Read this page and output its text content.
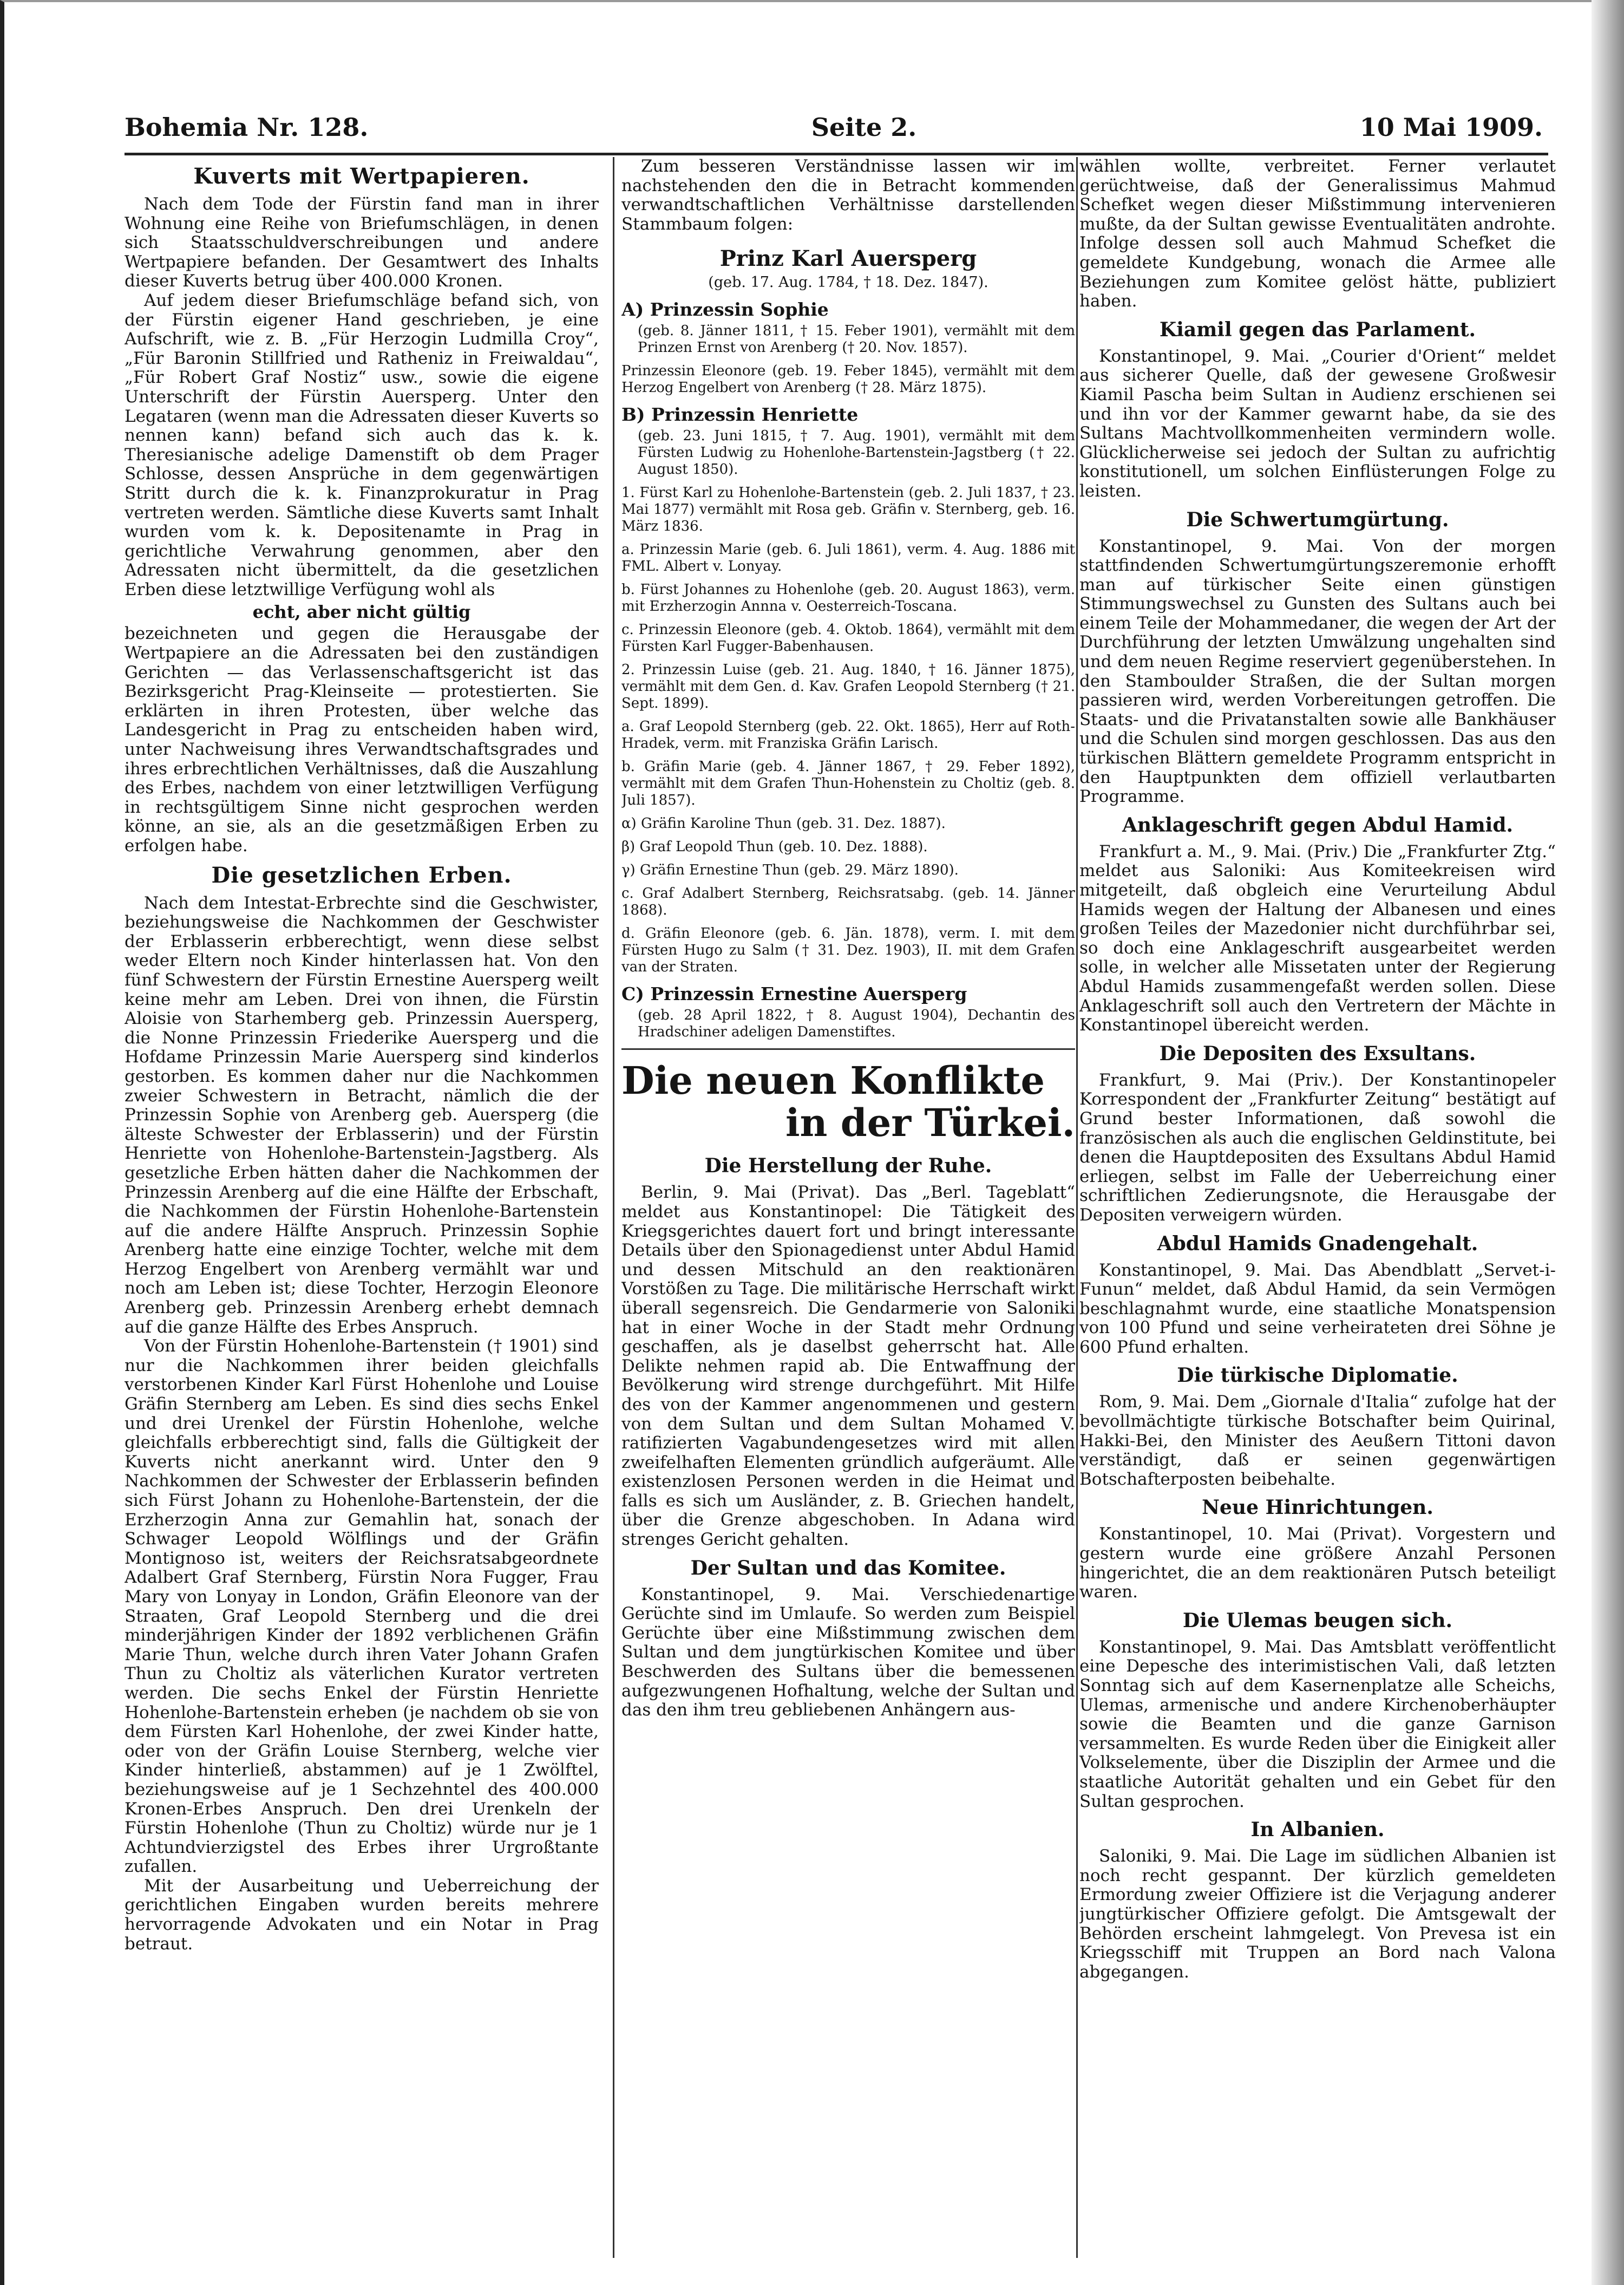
Bohemia Nr. 128.	Seite 2.	10 Mai 1909.
Kuverts mit Wertpapieren.

Nach dem Tode der Fürstin fand man in ihrer Wohnung eine Reihe von Briefumschlägen, in denen sich Staatsschuldverschreibungen und andere Wertpapiere befanden. Der Gesamtwert des Inhalts dieser Kuverts betrug über 400.000 Kronen.

Auf jedem dieser Briefumschläge befand sich, von der Fürstin eigener Hand geschrieben, je eine Aufschrift, wie z. B. „Für Herzogin Ludmilla Croy“, „Für Baronin Stillfried und Ratheniz in Freiwaldau“, „Für Robert Graf Nostiz“ usw., sowie die eigene Unterschrift der Fürstin Auersperg. Unter den Legataren (wenn man die Adressaten dieser Kuverts so nennen kann) befand sich auch das k. k. Theresianische adelige Damenstift ob dem Prager Schlosse, dessen Ansprüche in dem gegenwärtigen Stritt durch die k. k. Finanzprokuratur in Prag vertreten werden. Sämtliche diese Kuverts samt Inhalt wurden vom k. k. Depositenamte in Prag in gerichtliche Verwahrung genommen, aber den Adressaten nicht übermittelt, da die gesetzlichen Erben diese letztwillige Verfügung wohl als

echt, aber nicht gültig

bezeichneten und gegen die Herausgabe der Wertpapiere an die Adressaten bei den zuständigen Gerichten — das Verlassenschaftsgericht ist das Bezirksgericht Prag-Kleinseite — protestierten. Sie erklärten in ihren Protesten, über welche das Landesgericht in Prag zu entscheiden haben wird, unter Nachweisung ihres Verwandtschaftsgrades und ihres erbrechtlichen Verhältnisses, daß die Auszahlung des Erbes, nachdem von einer letztwilligen Verfügung in rechtsgültigem Sinne nicht gesprochen werden könne, an sie, als an die gesetzmäßigen Erben zu erfolgen habe.

Die gesetzlichen Erben.

Nach dem Intestat-Erbrechte sind die Geschwister, beziehungsweise die Nachkommen der Geschwister der Erblasserin erbberechtigt, wenn diese selbst weder Eltern noch Kinder hinterlassen hat. Von den fünf Schwestern der Fürstin Ernestine Auersperg weilt keine mehr am Leben. Drei von ihnen, die Fürstin Aloisie von Starhemberg geb. Prinzessin Auersperg, die Nonne Prinzessin Friederike Auersperg und die Hofdame Prinzessin Marie Auersperg sind kinderlos gestorben. Es kommen daher nur die Nachkommen zweier Schwestern in Betracht, nämlich die der Prinzessin Sophie von Arenberg geb. Auersperg (die älteste Schwester der Erblasserin) und der Fürstin Henriette von Hohenlohe-Bartenstein-Jagstberg. Als gesetzliche Erben hätten daher die Nachkommen der Prinzessin Arenberg auf die eine Hälfte der Erbschaft, die Nachkommen der Fürstin Hohenlohe-Bartenstein auf die andere Hälfte Anspruch. Prinzessin Sophie Arenberg hatte eine einzige Tochter, welche mit dem Herzog Engelbert von Arenberg vermählt war und noch am Leben ist; diese Tochter, Herzogin Eleonore Arenberg geb. Prinzessin Arenberg erhebt demnach auf die ganze Hälfte des Erbes Anspruch.

Von der Fürstin Hohenlohe-Bartenstein († 1901) sind nur die Nachkommen ihrer beiden gleichfalls verstorbenen Kinder Karl Fürst Hohenlohe und Louise Gräfin Sternberg am Leben. Es sind dies sechs Enkel und drei Urenkel der Fürstin Hohenlohe, welche gleichfalls erbberechtigt sind, falls die Gültigkeit der Kuverts nicht anerkannt wird. Unter den 9 Nachkommen der Schwester der Erblasserin befinden sich Fürst Johann zu Hohenlohe-Bartenstein, der die Erzherzogin Anna zur Gemahlin hat, sonach der Schwager Leopold Wölflings und der Gräfin Montignoso ist, weiters der Reichsratsabgeordnete Adalbert Graf Sternberg, Fürstin Nora Fugger, Frau Mary von Lonyay in London, Gräfin Eleonore van der Straaten, Graf Leopold Sternberg und die drei minderjährigen Kinder der 1892 verblichenen Gräfin Marie Thun, welche durch ihren Vater Johann Grafen Thun zu Choltiz als väterlichen Kurator vertreten werden. Die sechs Enkel der Fürstin Henriette Hohenlohe-Bartenstein erheben (je nachdem ob sie von dem Fürsten Karl Hohenlohe, der zwei Kinder hatte, oder von der Gräfin Louise Sternberg, welche vier Kinder hinterließ, abstammen) auf je 1 Zwölftel, beziehungsweise auf je 1 Sechzehntel des 400.000 Kronen-Erbes Anspruch. Den drei Urenkeln der Fürstin Hohenlohe (Thun zu Choltiz) würde nur je 1 Achtundvierzigstel des Erbes ihrer Urgroßtante zufallen.

Mit der Ausarbeitung und Ueberreichung der gerichtlichen Eingaben wurden bereits mehrere hervorragende Advokaten und ein Notar in Prag betraut.

Zum besseren Verständnisse lassen wir im nachstehenden den die in Betracht kommenden verwandtschaftlichen Verhältnisse darstellenden Stammbaum folgen:

Prinz Karl Auersperg
(geb. 17. Aug. 1784, † 18. Dez. 1847).
A) Prinzessin Sophie

(geb. 8. Jänner 1811, † 15. Feber 1901), vermählt mit dem Prinzen Ernst von Arenberg († 20. Nov. 1857).

Prinzessin Eleonore (geb. 19. Feber 1845), vermählt mit dem Herzog Engelbert von Arenberg († 28. März 1875).

B) Prinzessin Henriette

(geb. 23. Juni 1815, † 7. Aug. 1901), vermählt mit dem Fürsten Ludwig zu Hohenlohe-Bartenstein-Jagstberg († 22. August 1850).

1. Fürst Karl zu Hohenlohe-Bartenstein (geb. 2. Juli 1837, † 23. Mai 1877) vermählt mit Rosa geb. Gräfin v. Sternberg, geb. 16. März 1836.

a. Prinzessin Marie (geb. 6. Juli 1861), verm. 4. Aug. 1886 mit FML. Albert v. Lonyay.

b. Fürst Johannes zu Hohenlohe (geb. 20. August 1863), verm. mit Erzherzogin Annna v. Oesterreich-Toscana.

c. Prinzessin Eleonore (geb. 4. Oktob. 1864), vermählt mit dem Fürsten Karl Fugger-Babenhausen.

2. Prinzessin Luise (geb. 21. Aug. 1840, † 16. Jänner 1875), vermählt mit dem Gen. d. Kav. Grafen Leopold Sternberg († 21. Sept. 1899).

a. Graf Leopold Sternberg (geb. 22. Okt. 1865), Herr auf Roth-Hradek, verm. mit Franziska Gräfin Larisch.

b. Gräfin Marie (geb. 4. Jänner 1867, † 29. Feber 1892), vermählt mit dem Grafen Thun-Hohenstein zu Choltiz (geb. 8. Juli 1857).

α) Gräfin Karoline Thun (geb. 31. Dez. 1887).

β) Graf Leopold Thun (geb. 10. Dez. 1888).

γ) Gräfin Ernestine Thun (geb. 29. März 1890).

c. Graf Adalbert Sternberg, Reichsratsabg. (geb. 14. Jänner 1868).

d. Gräfin Eleonore (geb. 6. Jän. 1878), verm. I. mit dem Fürsten Hugo zu Salm († 31. Dez. 1903), II. mit dem Grafen van der Straten.

C) Prinzessin Ernestine Auersperg

(geb. 28 April 1822, † 8. August 1904), Dechantin des Hradschiner adeligen Damenstiftes.

Die neuen Konflikte
in der Türkei.
Die Herstellung der Ruhe.

Berlin, 9. Mai (Privat). Das „Berl. Tageblatt“ meldet aus Konstantinopel: Die Tätigkeit des Kriegsgerichtes dauert fort und bringt interessante Details über den Spionagedienst unter Abdul Hamid und dessen Mitschuld an den reaktionären Vorstößen zu Tage. Die militärische Herrschaft wirkt überall segensreich. Die Gendarmerie von Saloniki hat in einer Woche in der Stadt mehr Ordnung geschaffen, als je daselbst geherrscht hat. Alle Delikte nehmen rapid ab. Die Entwaffnung der Bevölkerung wird strenge durchgeführt. Mit Hilfe des von der Kammer angenommenen und gestern von dem Sultan und dem Sultan Mohamed V. ratifizierten Vagabundengesetzes wird mit allen zweifelhaften Elementen gründlich aufgeräumt. Alle existenzlosen Personen werden in die Heimat und falls es sich um Ausländer, z. B. Griechen handelt, über die Grenze abgeschoben. In Adana wird strenges Gericht gehalten.

Der Sultan und das Komitee.

Konstantinopel, 9. Mai. Verschiedenartige Gerüchte sind im Umlaufe. So werden zum Beispiel Gerüchte über eine Mißstimmung zwischen dem Sultan und dem jungtürkischen Komitee und über Beschwerden des Sultans über die bemessenen aufgezwungenen Hofhaltung, welche der Sultan und das den ihm treu gebliebenen Anhängern aus-

wählen wollte, verbreitet. Ferner verlautet gerüchtweise, daß der Generalissimus Mahmud Schefket wegen dieser Mißstimmung intervenieren mußte, da der Sultan gewisse Eventualitäten androhte. Infolge dessen soll auch Mahmud Schefket die gemeldete Kundgebung, wonach die Armee alle Beziehungen zum Komitee gelöst hätte, publiziert haben.

Kiamil gegen das Parlament.

Konstantinopel, 9. Mai. „Courier d'Orient“ meldet aus sicherer Quelle, daß der gewesene Großwesir Kiamil Pascha beim Sultan in Audienz erschienen sei und ihn vor der Kammer gewarnt habe, da sie des Sultans Machtvollkommenheiten vermindern wolle. Glücklicherweise sei jedoch der Sultan zu aufrichtig konstitutionell, um solchen Einflüsterungen Folge zu leisten.

Die Schwertumgürtung.

Konstantinopel, 9. Mai. Von der morgen stattfindenden Schwertumgürtungszeremonie erhofft man auf türkischer Seite einen günstigen Stimmungswechsel zu Gunsten des Sultans auch bei einem Teile der Mohammedaner, die wegen der Art der Durchführung der letzten Umwälzung ungehalten sind und dem neuen Regime reserviert gegenüberstehen. In den Stamboulder Straßen, die der Sultan morgen passieren wird, werden Vorbereitungen getroffen. Die Staats- und die Privatanstalten sowie alle Bankhäuser und die Schulen sind morgen geschlossen. Das aus den türkischen Blättern gemeldete Programm entspricht in den Hauptpunkten dem offiziell verlautbarten Programme.

Anklageschrift gegen Abdul Hamid.

Frankfurt a. M., 9. Mai. (Priv.) Die „Frankfurter Ztg.“ meldet aus Saloniki: Aus Komiteekreisen wird mitgeteilt, daß obgleich eine Verurteilung Abdul Hamids wegen der Haltung der Albanesen und eines großen Teiles der Mazedonier nicht durchführbar sei, so doch eine Anklageschrift ausgearbeitet werden solle, in welcher alle Missetaten unter der Regierung Abdul Hamids zusammengefaßt werden sollen. Diese Anklageschrift soll auch den Vertretern der Mächte in Konstantinopel übereicht werden.

Die Depositen des Exsultans.

Frankfurt, 9. Mai (Priv.). Der Konstantinopeler Korrespondent der „Frankfurter Zeitung“ bestätigt auf Grund bester Informationen, daß sowohl die französischen als auch die englischen Geldinstitute, bei denen die Hauptdepositen des Exsultans Abdul Hamid erliegen, selbst im Falle der Ueberreichung einer schriftlichen Zedierungsnote, die Herausgabe der Depositen verweigern würden.

Abdul Hamids Gnadengehalt.

Konstantinopel, 9. Mai. Das Abendblatt „Servet-i-Funun“ meldet, daß Abdul Hamid, da sein Vermögen beschlagnahmt wurde, eine staatliche Monatspension von 100 Pfund und seine verheirateten drei Söhne je 600 Pfund erhalten.

Die türkische Diplomatie.

Rom, 9. Mai. Dem „Giornale d'Italia“ zufolge hat der bevollmächtigte türkische Botschafter beim Quirinal, Hakki-Bei, den Minister des Aeußern Tittoni davon verständigt, daß er seinen gegenwärtigen Botschafterposten beibehalte.

Neue Hinrichtungen.

Konstantinopel, 10. Mai (Privat). Vorgestern und gestern wurde eine größere Anzahl Personen hingerichtet, die an dem reaktionären Putsch beteiligt waren.

Die Ulemas beugen sich.

Konstantinopel, 9. Mai. Das Amtsblatt veröffentlicht eine Depesche des interimistischen Vali, daß letzten Sonntag sich auf dem Kasernenplatze alle Scheichs, Ulemas, armenische und andere Kirchenoberhäupter sowie die Beamten und die ganze Garnison versammelten. Es wurde Reden über die Einigkeit aller Volkselemente, über die Disziplin der Armee und die staatliche Autorität gehalten und ein Gebet für den Sultan gesprochen.

In Albanien.

Saloniki, 9. Mai. Die Lage im südlichen Albanien ist noch recht gespannt. Der kürzlich gemeldeten Ermordung zweier Offiziere ist die Verjagung anderer jungtürkischer Offiziere gefolgt. Die Amtsgewalt der Behörden erscheint lahmgelegt. Von Prevesa ist ein Kriegsschiff mit Truppen an Bord nach Valona abgegangen.
